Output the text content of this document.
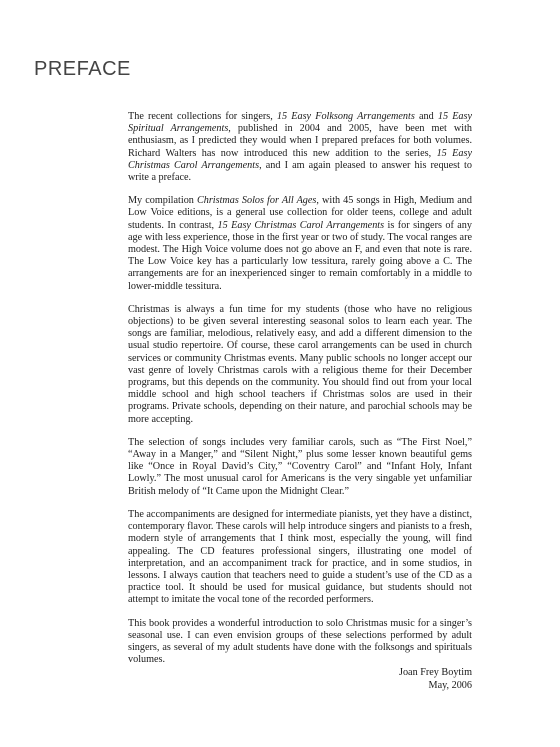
PREFACE

The recent collections for singers, 15 Easy Folksong Arrangements and 15 Easy Spiritual Arrangements, published in 2004 and 2005, have been met with enthusiasm, as I predicted they would when I prepared prefaces for both volumes. Richard Walters has now introduced this new addition to the series, 15 Easy Christmas Carol Arrangements, and I am again pleased to answer his request to write a preface.

My compilation Christmas Solos for All Ages, with 45 songs in High, Medium and Low Voice editions, is a general use collection for older teens, college and adult students. In contrast, 15 Easy Christmas Carol Arrangements is for singers of any age with less experience, those in the first year or two of study. The vocal ranges are modest. The High Voice volume does not go above an F, and even that note is rare. The Low Voice key has a particularly low tessitura, rarely going above a C. The arrangements are for an inexperienced singer to remain comfortably in a middle to lower-middle tessitura.

Christmas is always a fun time for my students (those who have no religious objections) to be given several interesting seasonal solos to learn each year. The songs are familiar, melodious, relatively easy, and add a different dimension to the usual studio repertoire. Of course, these carol arrangements can be used in church services or community Christmas events. Many public schools no longer accept our vast genre of lovely Christmas carols with a religious theme for their December programs, but this depends on the community. You should find out from your local middle school and high school teachers if Christmas solos are used in their programs. Private schools, depending on their nature, and parochial schools may be more accepting.

The selection of songs includes very familiar carols, such as “The First Noel,” “Away in a Manger,” and “Silent Night,” plus some lesser known beautiful gems like “Once in Royal David’s City,” “Coventry Carol” and “Infant Holy, Infant Lowly.” The most unusual carol for Americans is the very singable yet unfamiliar British melody of “It Came upon the Midnight Clear.”

The accompaniments are designed for intermediate pianists, yet they have a distinct, contemporary flavor. These carols will help introduce singers and pianists to a fresh, modern style of arrangements that I think most, especially the young, will find appealing. The CD features professional singers, illustrating one model of interpretation, and an accompaniment track for practice, and in some studios, in lessons. I always caution that teachers need to guide a student’s use of the CD as a practice tool. It should be used for musical guidance, but students should not attempt to imitate the vocal tone of the recorded performers.

This book provides a wonderful introduction to solo Christmas music for a singer’s seasonal use. I can even envision groups of these selections performed by adult singers, as several of my adult students have done with the folksongs and spirituals volumes.

Joan Frey Boytim
May, 2006
